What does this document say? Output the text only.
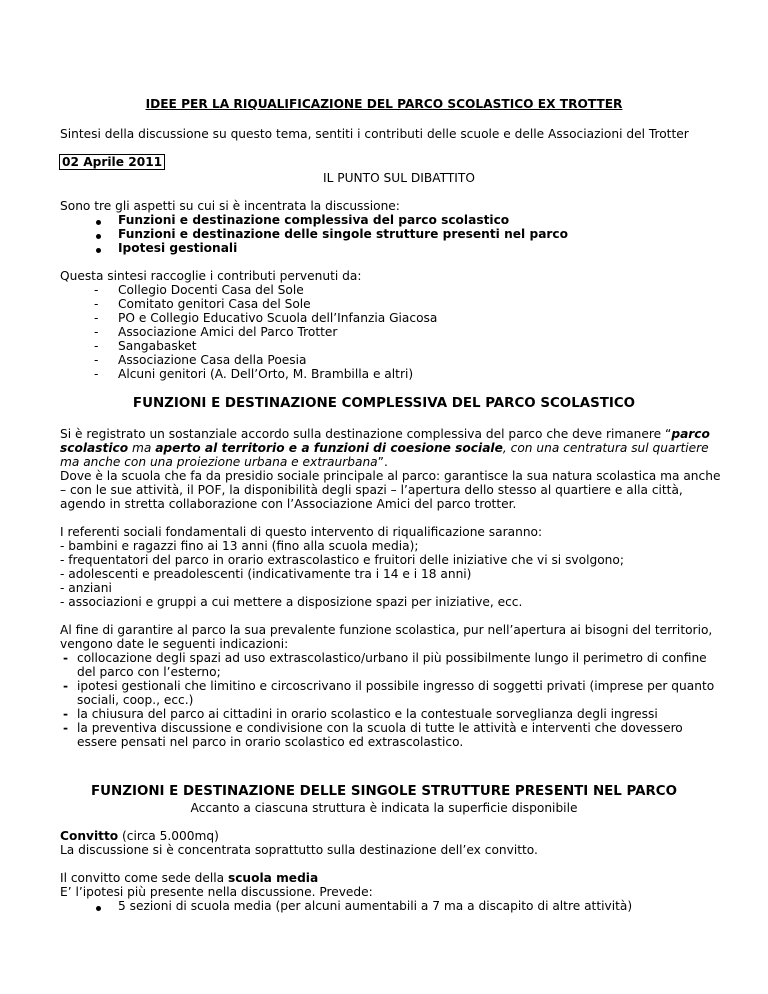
IDEE PER LA RIQUALIFICAZIONE DEL PARCO SCOLASTICO EX TROTTER
Sintesi della discussione su questo tema, sentiti i contributi delle scuole e delle Associazioni del Trotter
02 Aprile 2011
IL PUNTO SUL DIBATTITO
Sono tre gli aspetti su cui si è incentrata la discussione:
Funzioni e destinazione complessiva del parco scolastico
Funzioni e destinazione delle singole strutture presenti nel parco
Ipotesi gestionali
Questa sintesi raccoglie i contributi pervenuti da:
- Collegio Docenti Casa del Sole
- Comitato genitori Casa del Sole
- PO e Collegio Educativo Scuola dell’Infanzia Giacosa
- Associazione Amici del Parco Trotter
- Sangabasket
- Associazione Casa della Poesia
- Alcuni genitori (A. Dell’Orto, M. Brambilla e altri)
FUNZIONI E DESTINAZIONE COMPLESSIVA DEL PARCO SCOLASTICO
Si è registrato un sostanziale accordo sulla destinazione complessiva del parco che deve rimanere “parco
scolastico ma aperto al territorio e a funzioni di coesione sociale, con una centratura sul quartiere
ma anche con una proiezione urbana e extraurbana”.
Dove è la scuola che fa da presidio sociale principale al parco: garantisce la sua natura scolastica ma anche
– con le sue attività, il POF, la disponibilità degli spazi – l’apertura dello stesso al quartiere e alla città,
agendo in stretta collaborazione con l’Associazione Amici del parco trotter.
I referenti sociali fondamentali di questo intervento di riqualificazione saranno:
- bambini e ragazzi fino ai 13 anni (fino alla scuola media);
- frequentatori del parco in orario extrascolastico e fruitori delle iniziative che vi si svolgono;
- adolescenti e preadolescenti (indicativamente tra i 14 e i 18 anni)
- anziani
- associazioni e gruppi a cui mettere a disposizione spazi per iniziative, ecc.
Al fine di garantire al parco la sua prevalente funzione scolastica, pur nell’apertura ai bisogni del territorio,
vengono date le seguenti indicazioni:
- collocazione degli spazi ad uso extrascolastico/urbano il più possibilmente lungo il perimetro di confine
del parco con l’esterno;
- ipotesi gestionali che limitino e circoscrivano il possibile ingresso di soggetti privati (imprese per quanto
sociali, coop., ecc.)
- la chiusura del parco ai cittadini in orario scolastico e la contestuale sorveglianza degli ingressi
- la preventiva discussione e condivisione con la scuola di tutte le attività e interventi che dovessero
essere pensati nel parco in orario scolastico ed extrascolastico.
FUNZIONI E DESTINAZIONE DELLE SINGOLE STRUTTURE PRESENTI NEL PARCO
Accanto a ciascuna struttura è indicata la superficie disponibile
Convitto (circa 5.000mq)
La discussione si è concentrata soprattutto sulla destinazione dell’ex convitto.
Il convitto come sede della scuola media
E’ l’ipotesi più presente nella discussione. Prevede:
5 sezioni di scuola media (per alcuni aumentabili a 7 ma a discapito di altre attività)
